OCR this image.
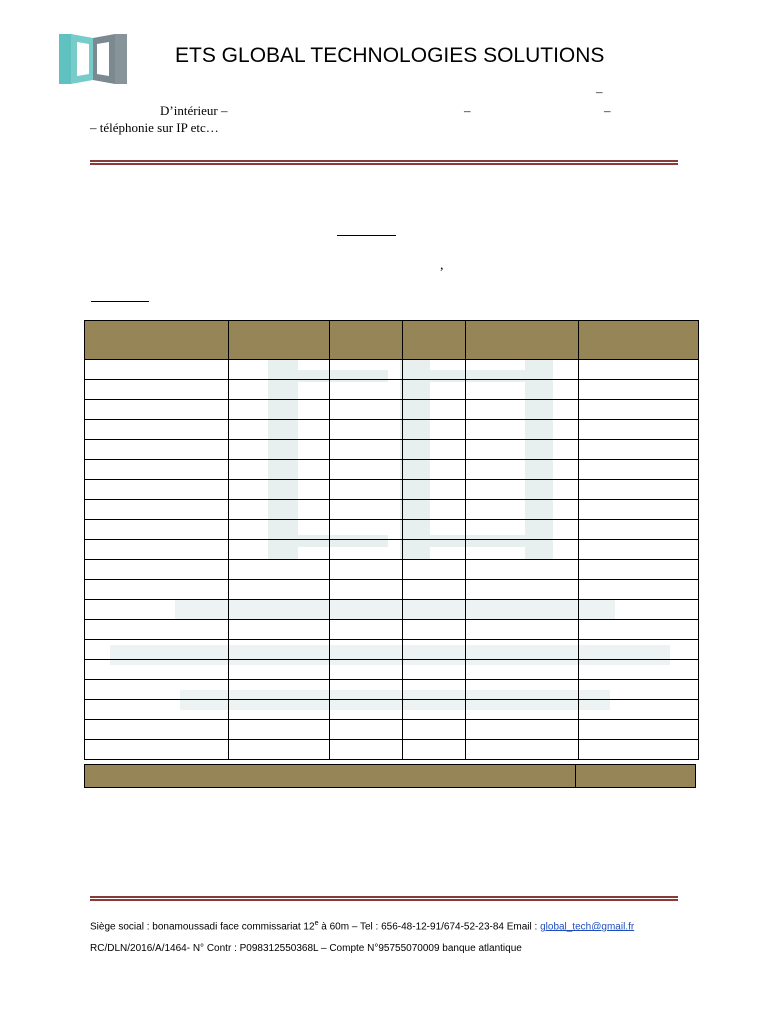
ETS GLOBAL TECHNOLOGIES SOLUTIONS
–
D’intérieur –	–	–
– téléphonie sur IP etc…
,

Siège social : bonamoussadi face commissariat 12e à 60m – Tel : 656-48-12-91/674-52-23-84 Email : global_tech@gmail.fr
RC/DLN/2016/A/1464- N° Contr : P098312550368L – Compte N°95755070009 banque atlantique
